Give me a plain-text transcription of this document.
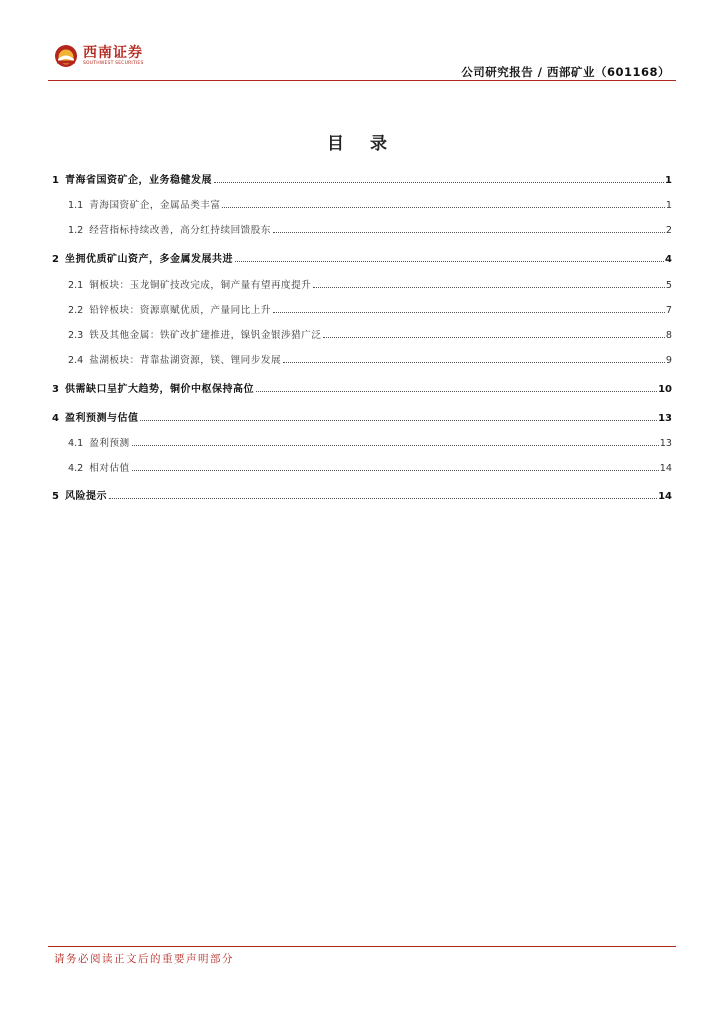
西南证券
SOUTHWEST SECURITIES
公司研究报告 / 西部矿业（601168）
目 录
1 青海省国资矿企，业务稳健发展	1
1.1 青海国资矿企，金属品类丰富	1
1.2 经营指标持续改善，高分红持续回馈股东	2
2 坐拥优质矿山资产，多金属发展共进	4
2.1 铜板块：玉龙铜矿技改完成，铜产量有望再度提升	5
2.2 铅锌板块：资源禀赋优质，产量同比上升	7
2.3 铁及其他金属：铁矿改扩建推进，镍钒金银涉猎广泛	8
2.4 盐湖板块：背靠盐湖资源，镁、锂同步发展	9
3 供需缺口呈扩大趋势，铜价中枢保持高位	10
4 盈利预测与估值	13
4.1 盈利预测	13
4.2 相对估值	14
5 风险提示	14
请务必阅读正文后的重要声明部分
